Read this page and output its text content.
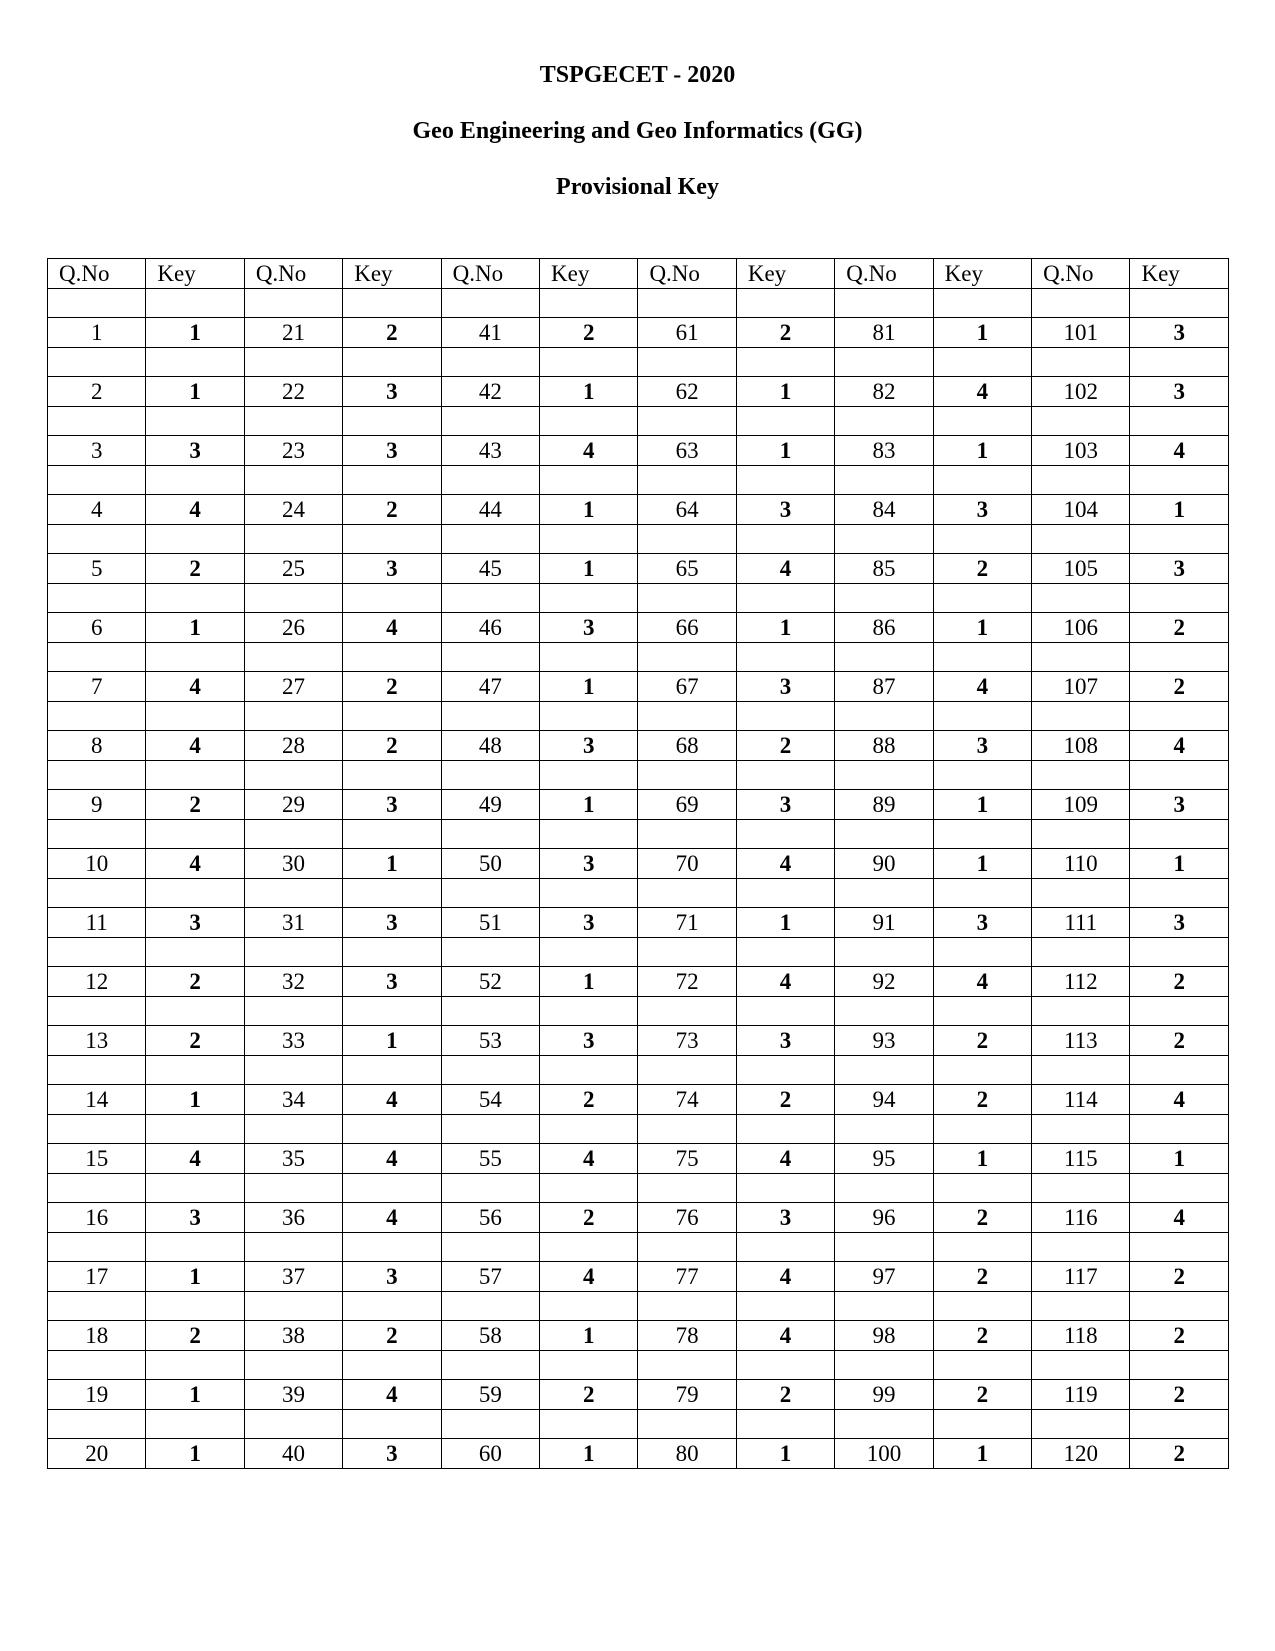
TSPGECET - 2020
Geo Engineering and Geo Informatics (GG)
Provisional Key
Q.No	Key	Q.No	Key	Q.No	Key	Q.No	Key	Q.No	Key	Q.No	Key

1	1	21	2	41	2	61	2	81	1	101	3

2	1	22	3	42	1	62	1	82	4	102	3

3	3	23	3	43	4	63	1	83	1	103	4

4	4	24	2	44	1	64	3	84	3	104	1

5	2	25	3	45	1	65	4	85	2	105	3

6	1	26	4	46	3	66	1	86	1	106	2

7	4	27	2	47	1	67	3	87	4	107	2

8	4	28	2	48	3	68	2	88	3	108	4

9	2	29	3	49	1	69	3	89	1	109	3

10	4	30	1	50	3	70	4	90	1	110	1

11	3	31	3	51	3	71	1	91	3	111	3

12	2	32	3	52	1	72	4	92	4	112	2

13	2	33	1	53	3	73	3	93	2	113	2

14	1	34	4	54	2	74	2	94	2	114	4

15	4	35	4	55	4	75	4	95	1	115	1

16	3	36	4	56	2	76	3	96	2	116	4

17	1	37	3	57	4	77	4	97	2	117	2

18	2	38	2	58	1	78	4	98	2	118	2

19	1	39	4	59	2	79	2	99	2	119	2

20	1	40	3	60	1	80	1	100	1	120	2
